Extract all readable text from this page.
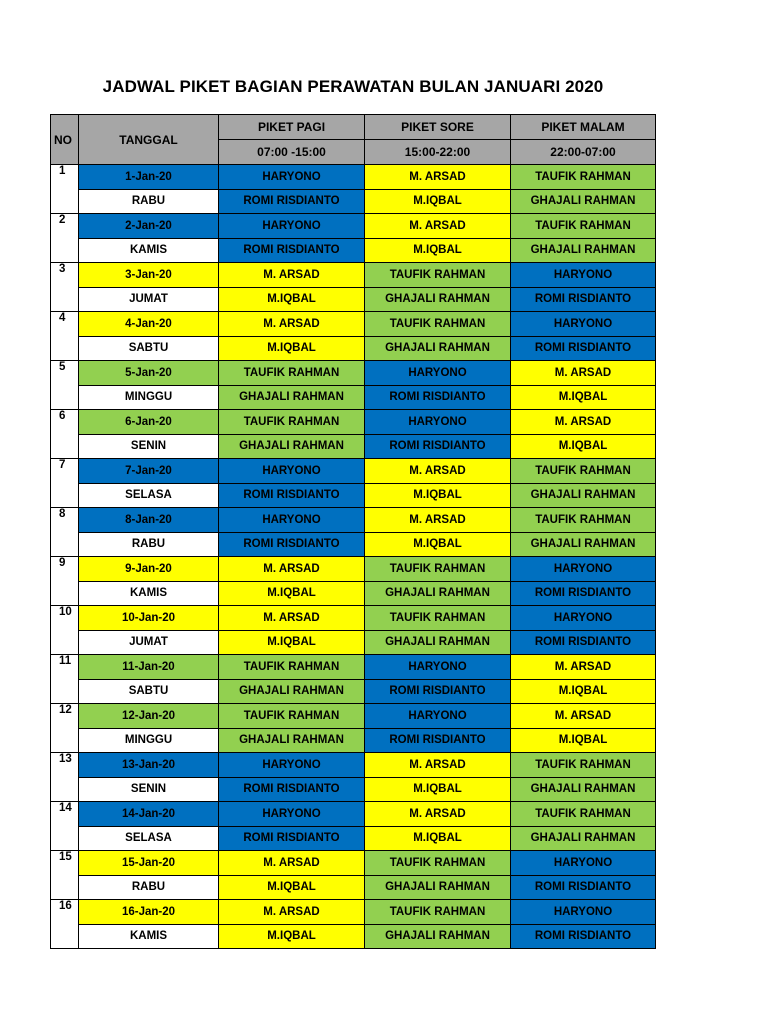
JADWAL PIKET BAGIAN PERAWATAN BULAN JANUARI 2020
NO	TANGGAL	PIKET PAGI	PIKET SORE	PIKET MALAM
		07:00 -15:00	15:00-22:00	22:00-07:00
1	1-Jan-20	HARYONO	M. ARSAD	TAUFIK RAHMAN
	RABU	ROMI RISDIANTO	M.IQBAL	GHAJALI RAHMAN
2	2-Jan-20	HARYONO	M. ARSAD	TAUFIK RAHMAN
	KAMIS	ROMI RISDIANTO	M.IQBAL	GHAJALI RAHMAN
3	3-Jan-20	M. ARSAD	TAUFIK RAHMAN	HARYONO
	JUMAT	M.IQBAL	GHAJALI RAHMAN	ROMI RISDIANTO
4	4-Jan-20	M. ARSAD	TAUFIK RAHMAN	HARYONO
	SABTU	M.IQBAL	GHAJALI RAHMAN	ROMI RISDIANTO
5	5-Jan-20	TAUFIK RAHMAN	HARYONO	M. ARSAD
	MINGGU	GHAJALI RAHMAN	ROMI RISDIANTO	M.IQBAL
6	6-Jan-20	TAUFIK RAHMAN	HARYONO	M. ARSAD
	SENIN	GHAJALI RAHMAN	ROMI RISDIANTO	M.IQBAL
7	7-Jan-20	HARYONO	M. ARSAD	TAUFIK RAHMAN
	SELASA	ROMI RISDIANTO	M.IQBAL	GHAJALI RAHMAN
8	8-Jan-20	HARYONO	M. ARSAD	TAUFIK RAHMAN
	RABU	ROMI RISDIANTO	M.IQBAL	GHAJALI RAHMAN
9	9-Jan-20	M. ARSAD	TAUFIK RAHMAN	HARYONO
	KAMIS	M.IQBAL	GHAJALI RAHMAN	ROMI RISDIANTO
10	10-Jan-20	M. ARSAD	TAUFIK RAHMAN	HARYONO
	JUMAT	M.IQBAL	GHAJALI RAHMAN	ROMI RISDIANTO
11	11-Jan-20	TAUFIK RAHMAN	HARYONO	M. ARSAD
	SABTU	GHAJALI RAHMAN	ROMI RISDIANTO	M.IQBAL
12	12-Jan-20	TAUFIK RAHMAN	HARYONO	M. ARSAD
	MINGGU	GHAJALI RAHMAN	ROMI RISDIANTO	M.IQBAL
13	13-Jan-20	HARYONO	M. ARSAD	TAUFIK RAHMAN
	SENIN	ROMI RISDIANTO	M.IQBAL	GHAJALI RAHMAN
14	14-Jan-20	HARYONO	M. ARSAD	TAUFIK RAHMAN
	SELASA	ROMI RISDIANTO	M.IQBAL	GHAJALI RAHMAN
15	15-Jan-20	M. ARSAD	TAUFIK RAHMAN	HARYONO
	RABU	M.IQBAL	GHAJALI RAHMAN	ROMI RISDIANTO
16	16-Jan-20	M. ARSAD	TAUFIK RAHMAN	HARYONO
	KAMIS	M.IQBAL	GHAJALI RAHMAN	ROMI RISDIANTO
